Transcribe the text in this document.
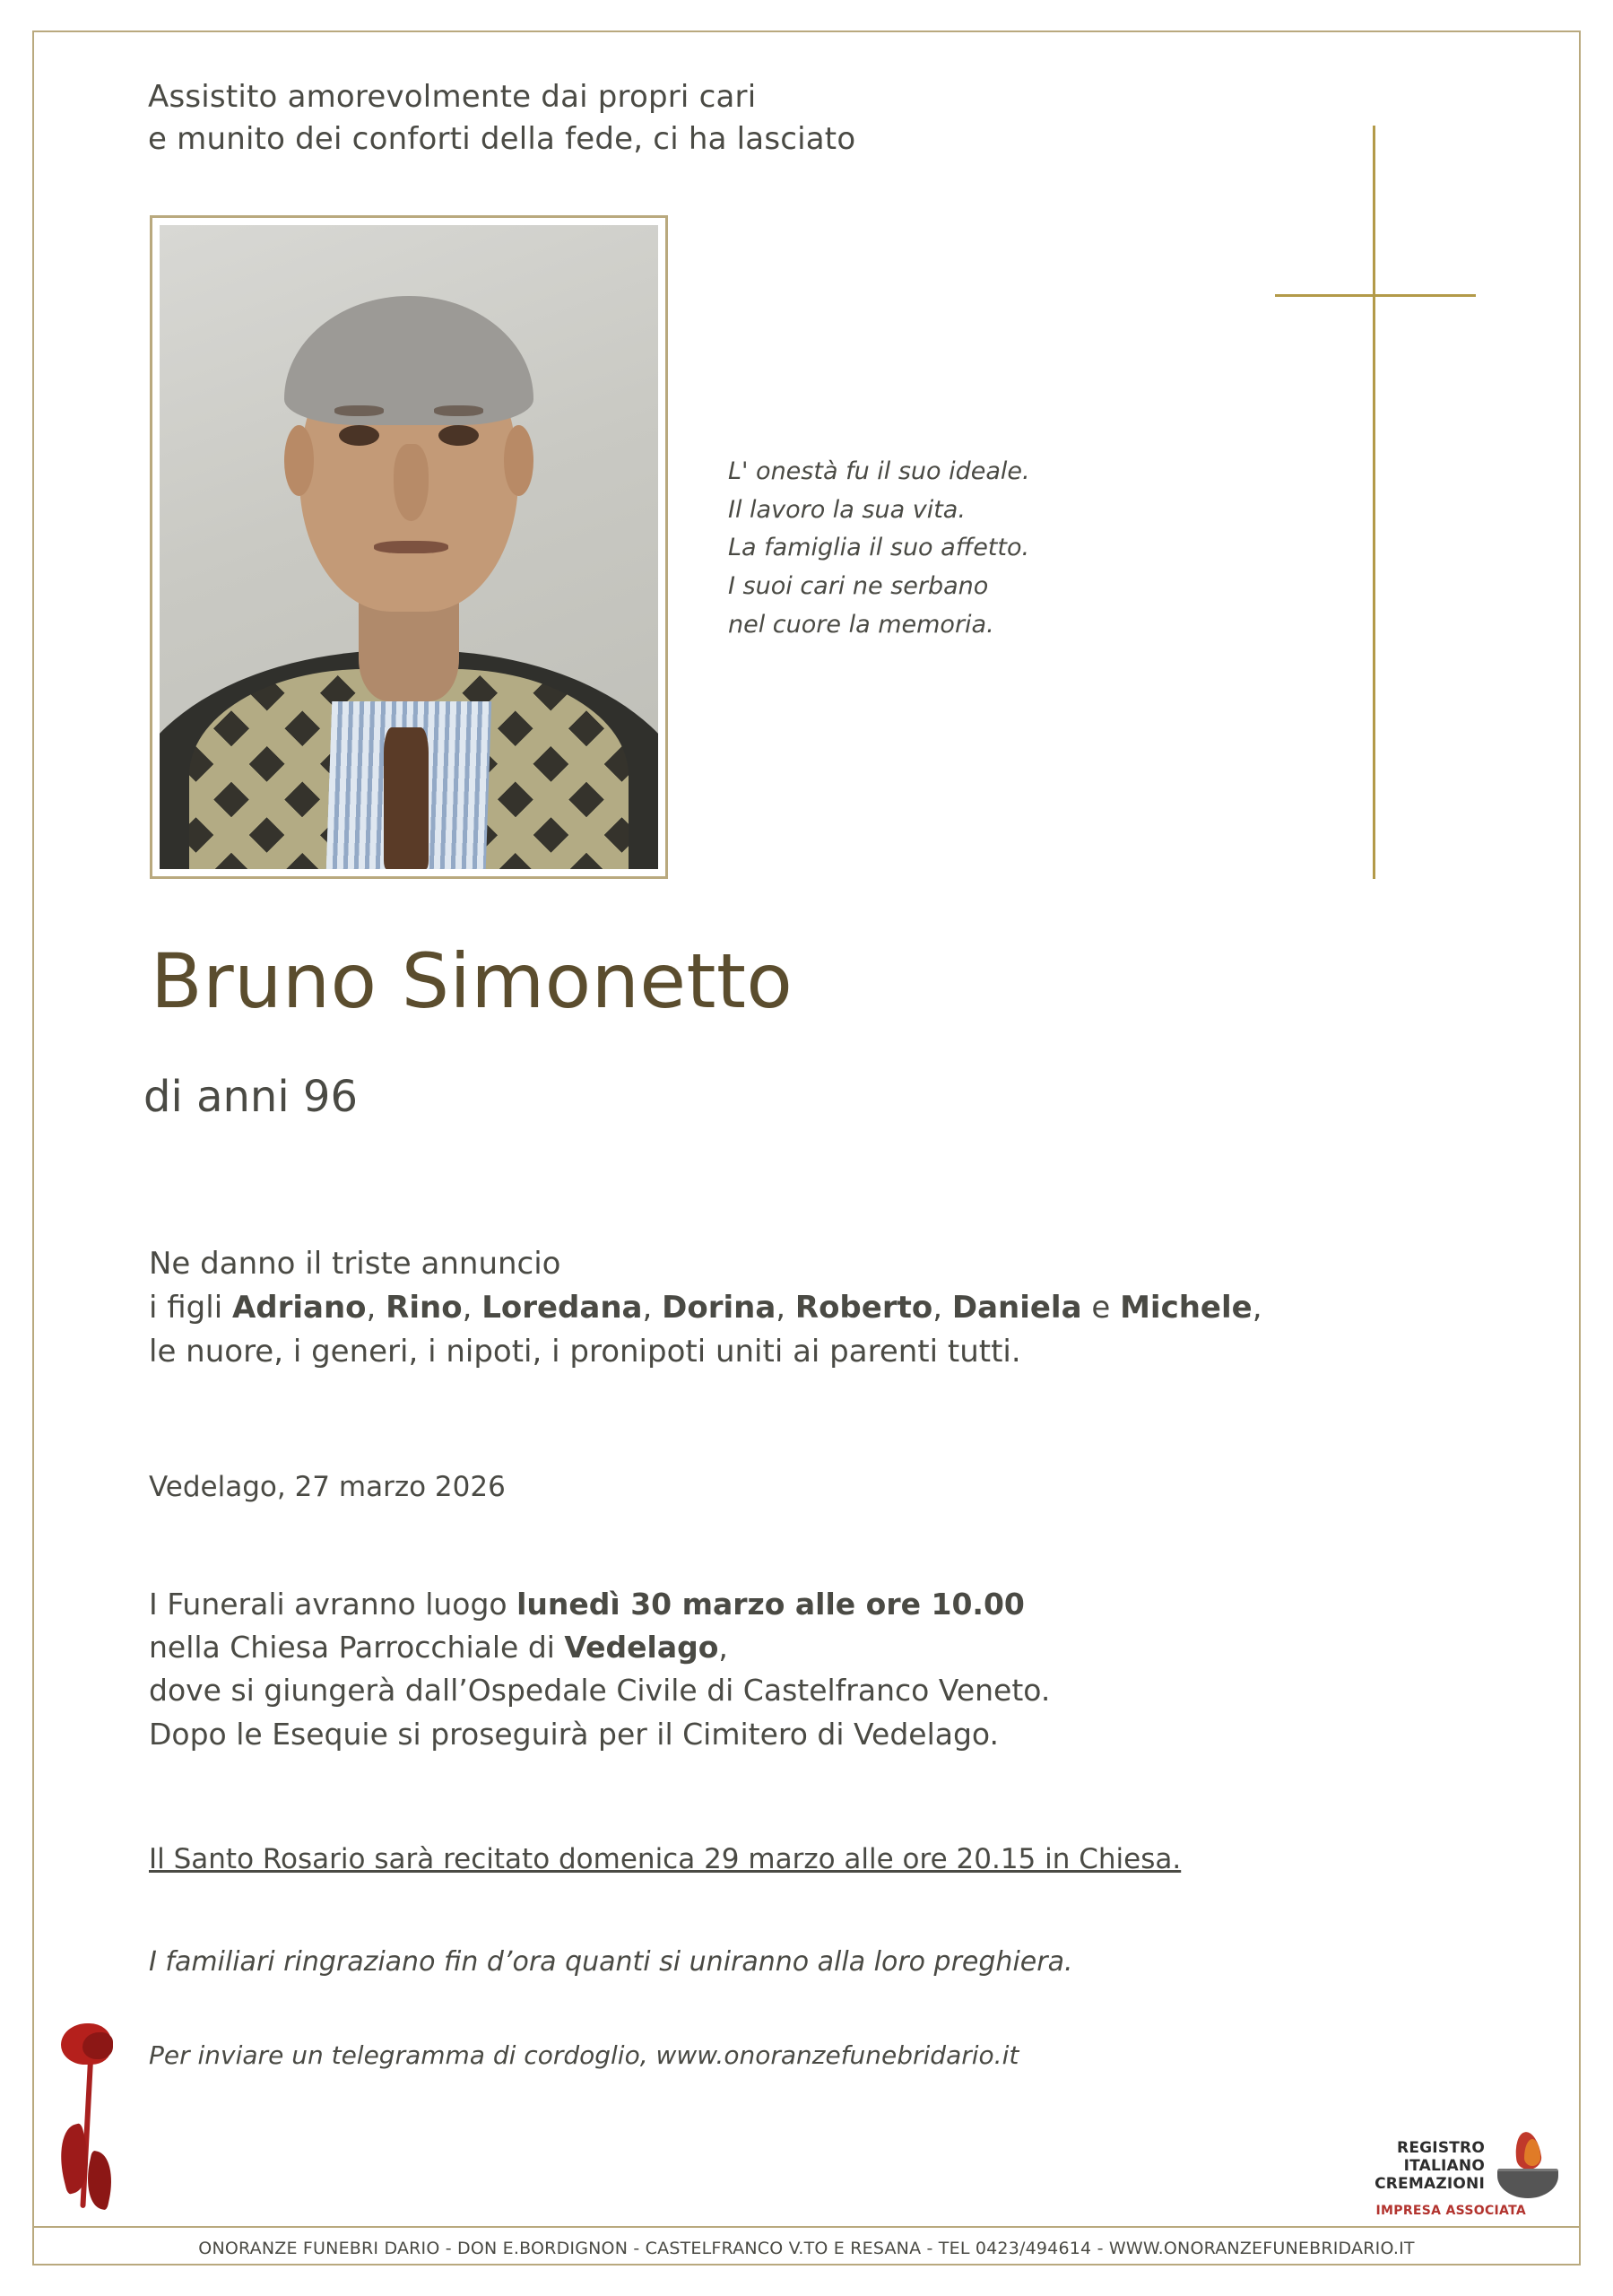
Assistito amorevolmente dai propri cari
e munito dei conforti della fede, ci ha lasciato
L' onestà fu il suo ideale.
Il lavoro la sua vita.
La famiglia il suo affetto.
I suoi cari ne serbano
nel cuore la memoria.
Bruno Simonetto
di anni 96
Ne danno il triste annuncio
i figli Adriano, Rino, Loredana, Dorina, Roberto, Daniela e Michele,
le nuore, i generi, i nipoti, i pronipoti uniti ai parenti tutti.
Vedelago, 27 marzo 2026
I Funerali avranno luogo lunedì 30 marzo alle ore 10.00
nella Chiesa Parrocchiale di Vedelago,
dove si giungerà dall’Ospedale Civile di Castelfranco Veneto.
Dopo le Esequie si proseguirà per il Cimitero di Vedelago.
Il Santo Rosario sarà recitato domenica 29 marzo alle ore 20.15 in Chiesa.
I familiari ringraziano fin d’ora quanti si uniranno alla loro preghiera.
Per inviare un telegramma di cordoglio, www.onoranzefunebridario.it
REGISTRO
ITALIANO
CREMAZIONI
IMPRESA ASSOCIATA
ONORANZE FUNEBRI DARIO - DON E.BORDIGNON - CASTELFRANCO V.TO E RESANA - TEL 0423/494614 - WWW.ONORANZEFUNEBRIDARIO.IT
